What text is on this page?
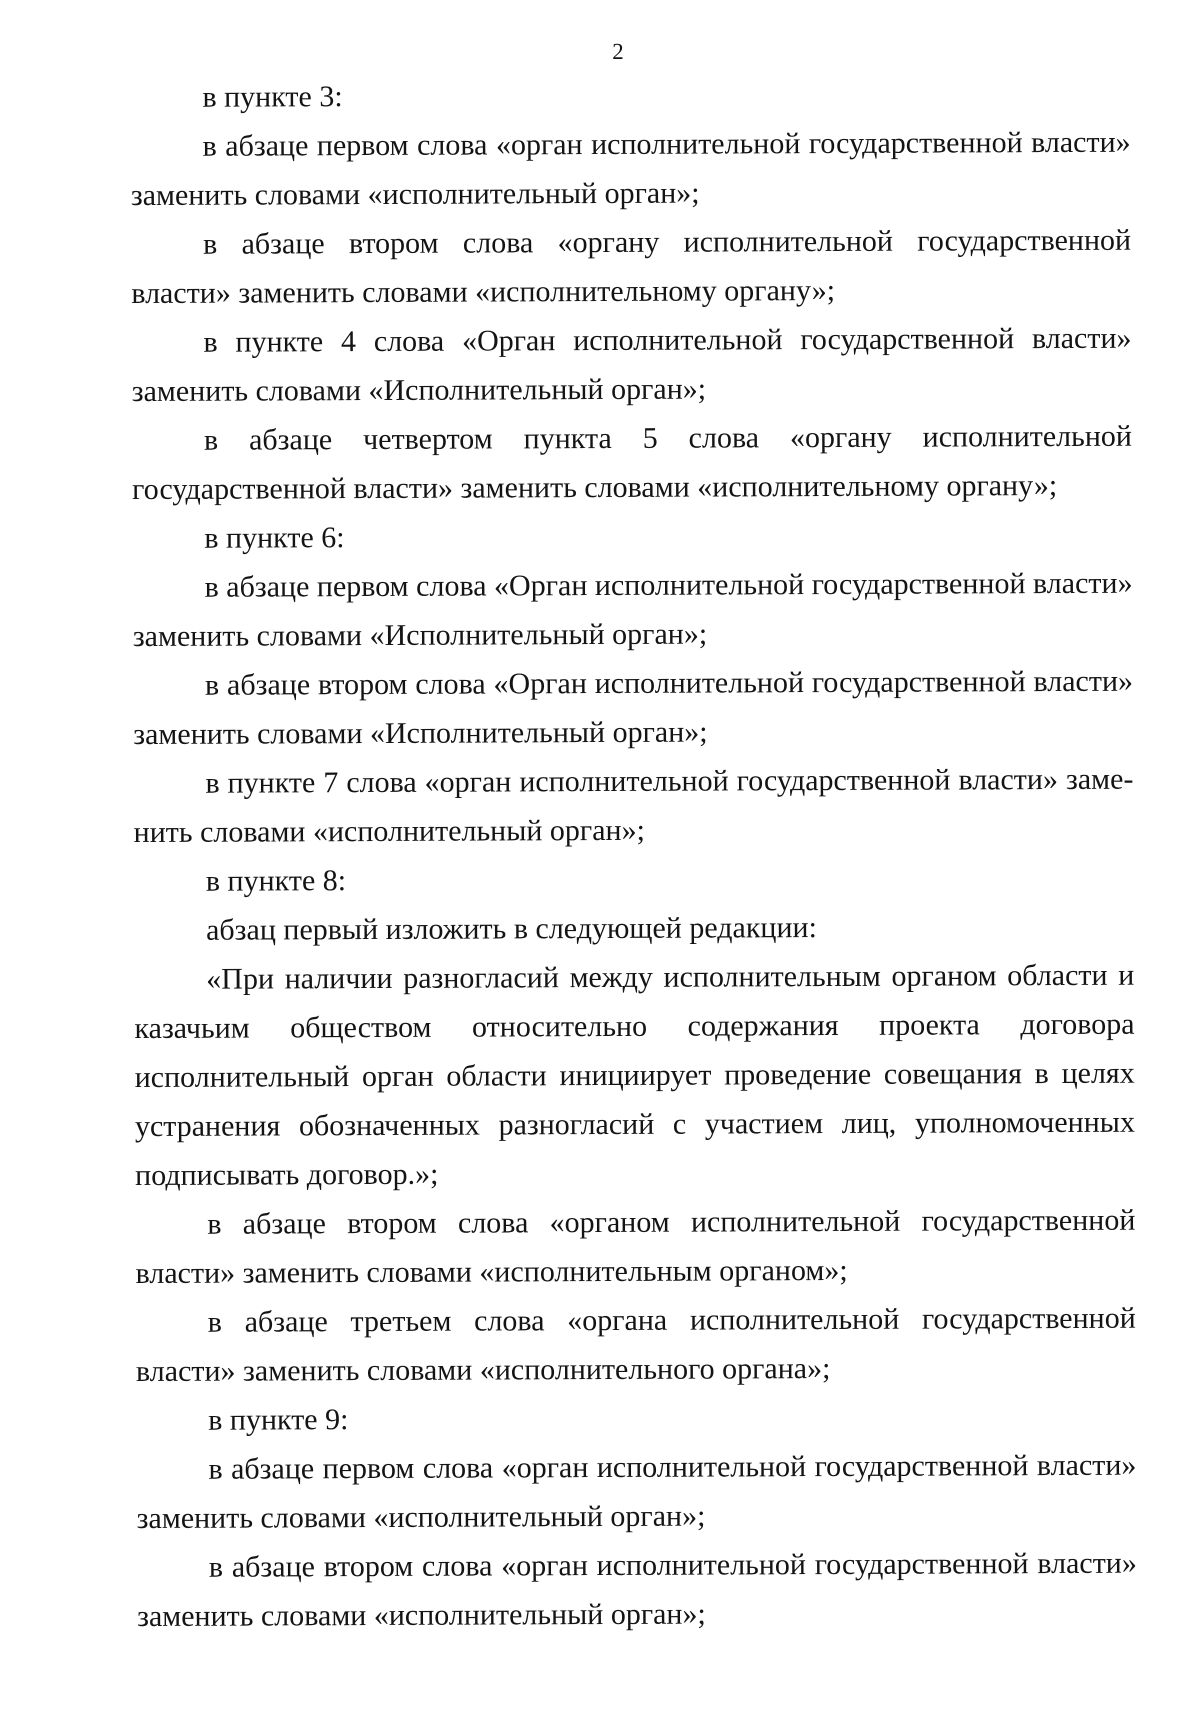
2

в пункте 3:

в абзаце первом слова «орган исполнительной государственной власти» заменить словами «исполнительный орган»;

в абзаце втором слова «органу исполнительной государственной власти» заменить словами «исполнительному органу»;

в пункте 4 слова «Орган исполнительной государственной власти» заменить словами «Исполнительный орган»;

в абзаце четвертом пункта 5 слова «органу исполнительной государственной власти» заменить словами «исполнительному органу»;

в пункте 6:

в абзаце первом слова «Орган исполнительной государственной власти» заменить словами «Исполнительный орган»;

в абзаце втором слова «Орган исполнительной государственной власти» заменить словами «Исполнительный орган»;

в пункте 7 слова «орган исполнительной государственной власти» заменить словами «исполнительный орган»;

в пункте 8:

абзац первый изложить в следующей редакции:

«При наличии разногласий между исполнительным органом области и казачьим обществом относительно содержания проекта договора исполнительный орган области инициирует проведение совещания в целях устранения обозначенных разногласий с участием лиц, уполномоченных подписывать договор.»;

в абзаце втором слова «органом исполнительной государственной власти» заменить словами «исполнительным органом»;

в абзаце третьем слова «органа исполнительной государственной власти» заменить словами «исполнительного органа»;

в пункте 9:

в абзаце первом слова «орган исполнительной государственной власти» заменить словами «исполнительный орган»;

в абзаце втором слова «орган исполнительной государственной власти» заменить словами «исполнительный орган»;
